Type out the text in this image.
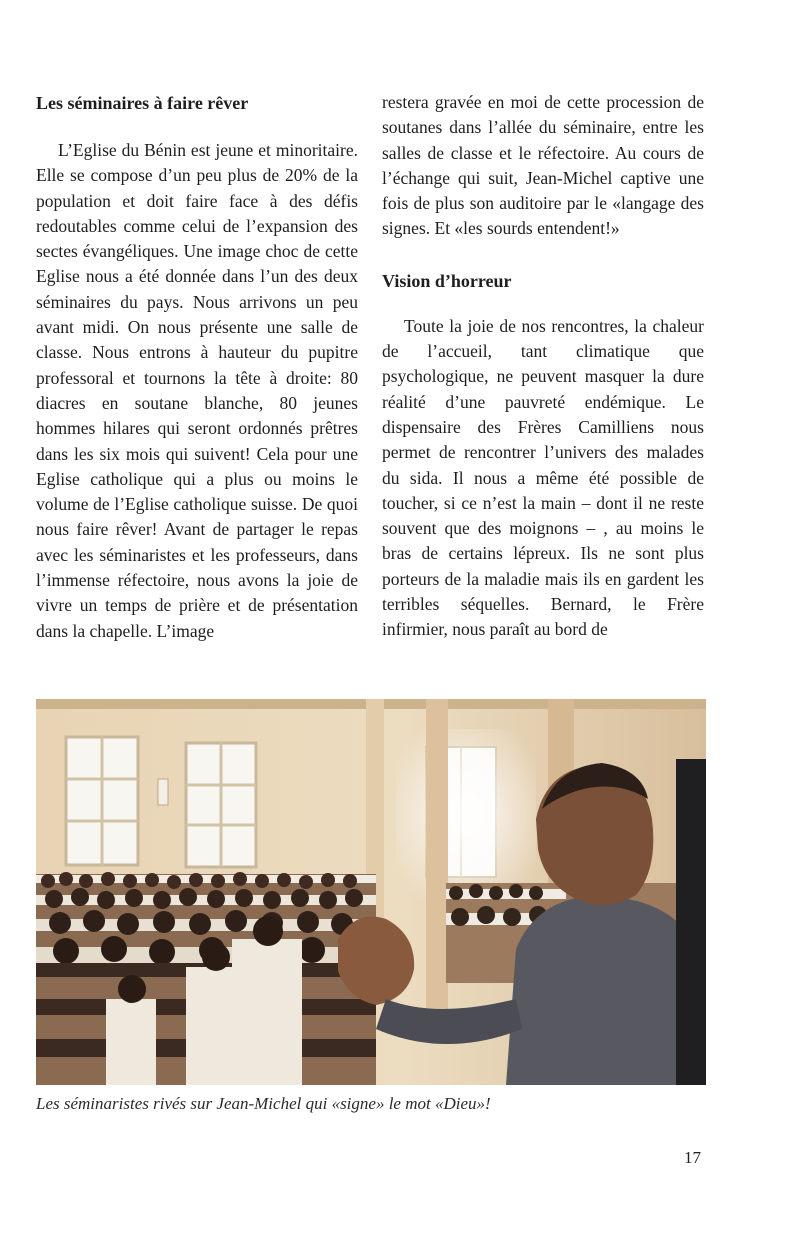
Les séminaires à faire rêver

L’Eglise du Bénin est jeune et minoritaire. Elle se compose d’un peu plus de 20% de la population et doit faire face à des défis redoutables comme celui de l’expansion des sectes évangéliques. Une image choc de cette Eglise nous a été donnée dans l’un des deux séminaires du pays. Nous arrivons un peu avant midi. On nous présente une salle de classe. Nous entrons à hauteur du pupitre professoral et tournons la tête à droite: 80 diacres en soutane blanche, 80 jeunes hommes hilares qui seront ordonnés prêtres dans les six mois qui suivent! Cela pour une Eglise catholique qui a plus ou moins le volume de l’Eglise catholique suisse. De quoi nous faire rêver! Avant de partager le repas avec les séminaristes et les professeurs, dans l’immense réfectoire, nous avons la joie de vivre un temps de prière et de présentation dans la chapelle. L’image

restera gravée en moi de cette procession de soutanes dans l’allée du séminaire, entre les salles de classe et le réfectoire. Au cours de l’échange qui suit, Jean-Michel captive une fois de plus son auditoire par le «langage des signes. Et «les sourds entendent!»

Vision d’horreur

Toute la joie de nos rencontres, la chaleur de l’accueil, tant climatique que psychologique, ne peuvent masquer la dure réalité d’une pauvreté endémique. Le dispensaire des Frères Camilliens nous permet de rencontrer l’univers des malades du sida. Il nous a même été possible de toucher, si ce n’est la main – dont il ne reste souvent que des moignons – , au moins le bras de certains lépreux. Ils ne sont plus porteurs de la maladie mais ils en gardent les terribles séquelles. Bernard, le Frère infirmier, nous paraît au bord de

Les séminaristes rivés sur Jean-Michel qui «signe» le mot «Dieu»!
17
